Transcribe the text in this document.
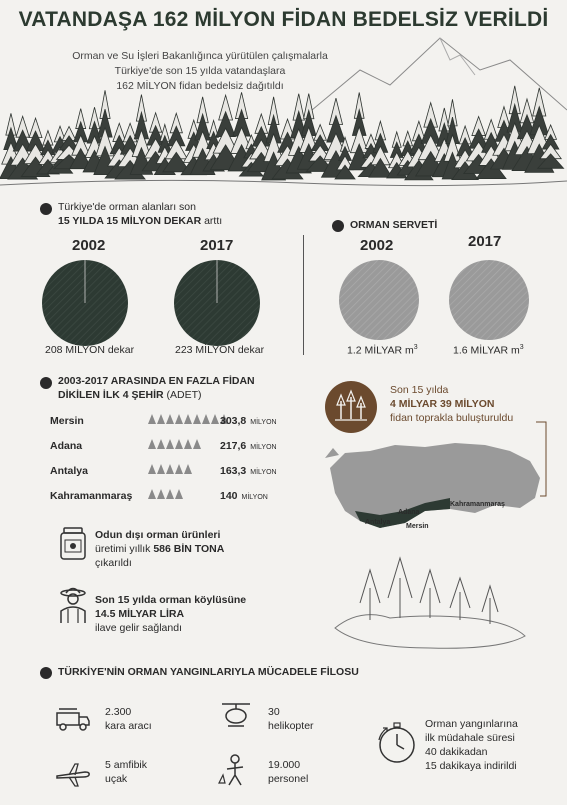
VATANDAŞA 162 MİLYON FİDAN BEDELSİZ VERİLDİ
Orman ve Su İşleri Bakanlığınca yürütülen çalışmalarla
Türkiye'de son 15 yılda vatandaşlara
162 MİLYON fidan bedelsiz dağıtıldı
Türkiye'de orman alanları son
15 YILDA 15 MİLYON DEKAR arttı
2002	2017
208 MİLYON dekar	223 MİLYON dekar
ORMAN SERVETİ
2002	2017
1.2 MİLYAR $m^3$	1.6 MİLYAR $m^3$
2003-2017 ARASINDA EN FAZLA FİDAN
DİKİLEN İLK 4 ŞEHİR (ADET)
Mersin	303,8 MİLYON
Adana	217,6 MİLYON
Antalya	163,3 MİLYON
Kahramanmaraş	140 MİLYON
Son 15 yılda
4 MİLYAR 39 MİLYON
fidan toprakla buluşturuldu
Antalya
Adana
Mersin
Kahramanmaraş
Odun dışı orman ürünleri
üretimi yıllık 586 BİN TONA
çıkarıldı
Son 15 yılda orman köylüsüne
14.5 MİLYAR LİRA
ilave gelir sağlandı
TÜRKİYE'NİN ORMAN YANGINLARIYLA MÜCADELE FİLOSU
2.300
kara aracı
30
helikopter
5 amfibik
uçak
19.000
personel
Orman yangınlarına
ilk müdahale süresi
40 dakikadan
15 dakikaya indirildi
